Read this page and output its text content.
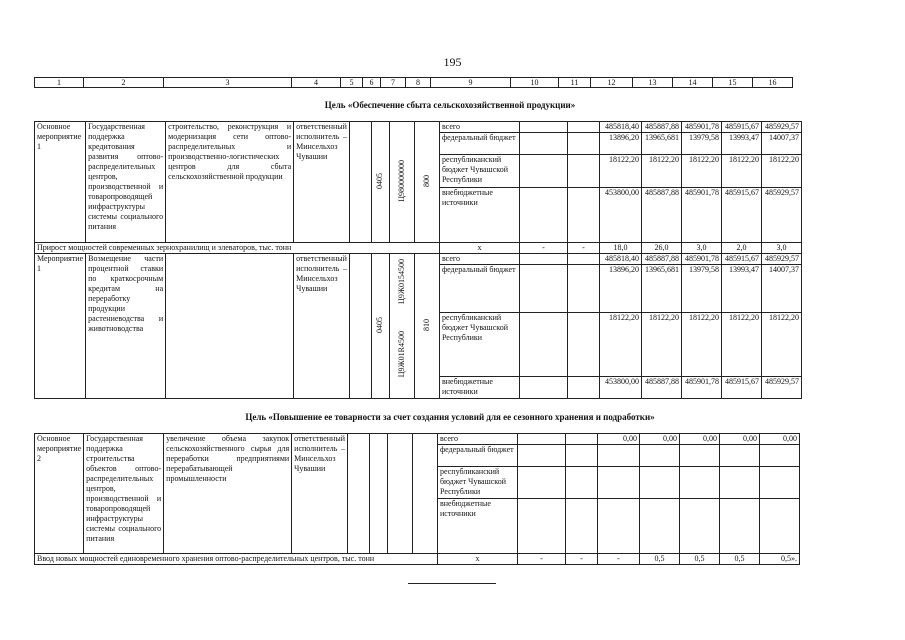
195
1	2	3	4	5	6	7	8	9	10	11	12	13	14	15	16
Цель «Обеспечение сбыта сельскохозяйственной продукции»
Основное мероприятие 1	Государственная поддержка кредитования развития оптово-распределительных центров, производственной и товаропроводящей инфраструктуры системы социального питания	строительство, реконструкция и модернизация сети оптово-распределительных и производственно-логистических центров для сбыта сельскохозяйственной продукции	ответственный исполнитель – Минсельхоз Чувашии		0405	Ц980000000	800	всего			485818,40	485887,88	485901,78	485915,67	485929,57
								федеральный бюджет			13896,20	13965,681	13979,58	13993,47	14007,37
								республиканский бюджет Чувашской Республики			18122,20	18122,20	18122,20	18122,20	18122,20
								внебюджетные источники			453800,00	485887,88	485901,78	485915,67	485929,57
Прирост мощностей современных зернохранилищ и элеваторов, тыс. тонн								х	-	-	18,0	26,0	3,0	2,0	3,0
Мероприятие 1	Возмещение части процентной ставки по краткосрочным кредитам на переработку продукции растениеводства и животноводства		ответственный исполнитель – Минсельхоз Чувашии		0405	Ц9Ж0154500	810	всего			485818,40	485887,88	485901,78	485915,67	485929,57
								федеральный бюджет			13896,20	13965,681	13979,58	13993,47	14007,37
						Ц9Ж01R4500		республиканский бюджет Чувашской Республики			18122,20	18122,20	18122,20	18122,20	18122,20
								внебюджетные источники			453800,00	485887,88	485901,78	485915,67	485929,57
Цель «Повышение ее товарности за счет создания условий для ее сезонного хранения и подработки»
Основное мероприятие 2	Государственная поддержка строительства объектов оптово-распределительных центров, производственной и товаропроводящей инфраструктуры системы социального питания	увеличение объема закупок сельскохозяйственного сырья для переработки предприятиями перерабатывающей промышленности	ответственный исполнитель – Минсельхоз Чувашии					всего			0,00	0,00	0,00	0,00	0,00
								федеральный бюджет							
								республиканский бюджет Чувашской Республики							
								внебюджетные источники							
Ввод новых мощностей единовременного хранения оптово-распределительных центров, тыс. тонн								х	-	-	-	0,5	0,5	0,5	0,5».
